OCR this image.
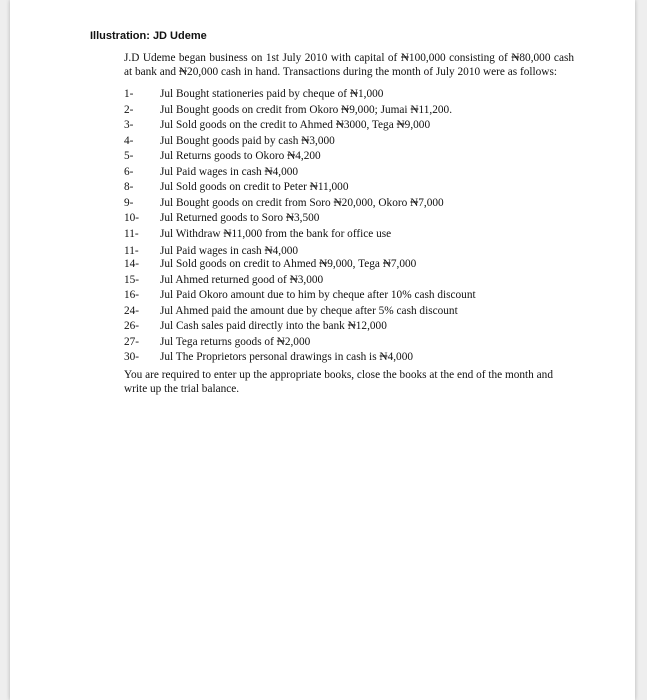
Illustration: JD Udeme

J.D Udeme began business on 1st July 2010 with capital of ₦100,000 consisting of ₦80,000 cash at bank and ₦20,000 cash in hand. Transactions during the month of July 2010 were as follows:

1-	Jul Bought stationeries paid by cheque of ₦1,000
2-	Jul Bought goods on credit from Okoro ₦9,000; Jumai ₦11,200.
3-	Jul Sold goods on the credit to Ahmed ₦3000, Tega ₦9,000
4-	Jul Bought goods paid by cash ₦3,000
5-	Jul Returns goods to Okoro ₦4,200
6-	Jul Paid wages in cash ₦4,000
8-	Jul Sold goods on credit to Peter ₦11,000
9-	Jul Bought goods on credit from Soro ₦20,000, Okoro ₦7,000
10-	Jul Returned goods to Soro ₦3,500
11-	Jul Withdraw ₦11,000 from the bank for office use
11-	Jul Paid wages in cash ₦4,000
14-	Jul Sold goods on credit to Ahmed ₦9,000, Tega ₦7,000
15-	Jul Ahmed returned good of ₦3,000
16-	Jul Paid Okoro amount due to him by cheque after 10% cash discount
24-	Jul Ahmed paid the amount due by cheque after 5% cash discount
26-	Jul Cash sales paid directly into the bank ₦12,000
27-	Jul Tega returns goods of ₦2,000
30-	Jul The Proprietors personal drawings in cash is ₦4,000

You are required to enter up the appropriate books, close the books at the end of the month and write up the trial balance.
